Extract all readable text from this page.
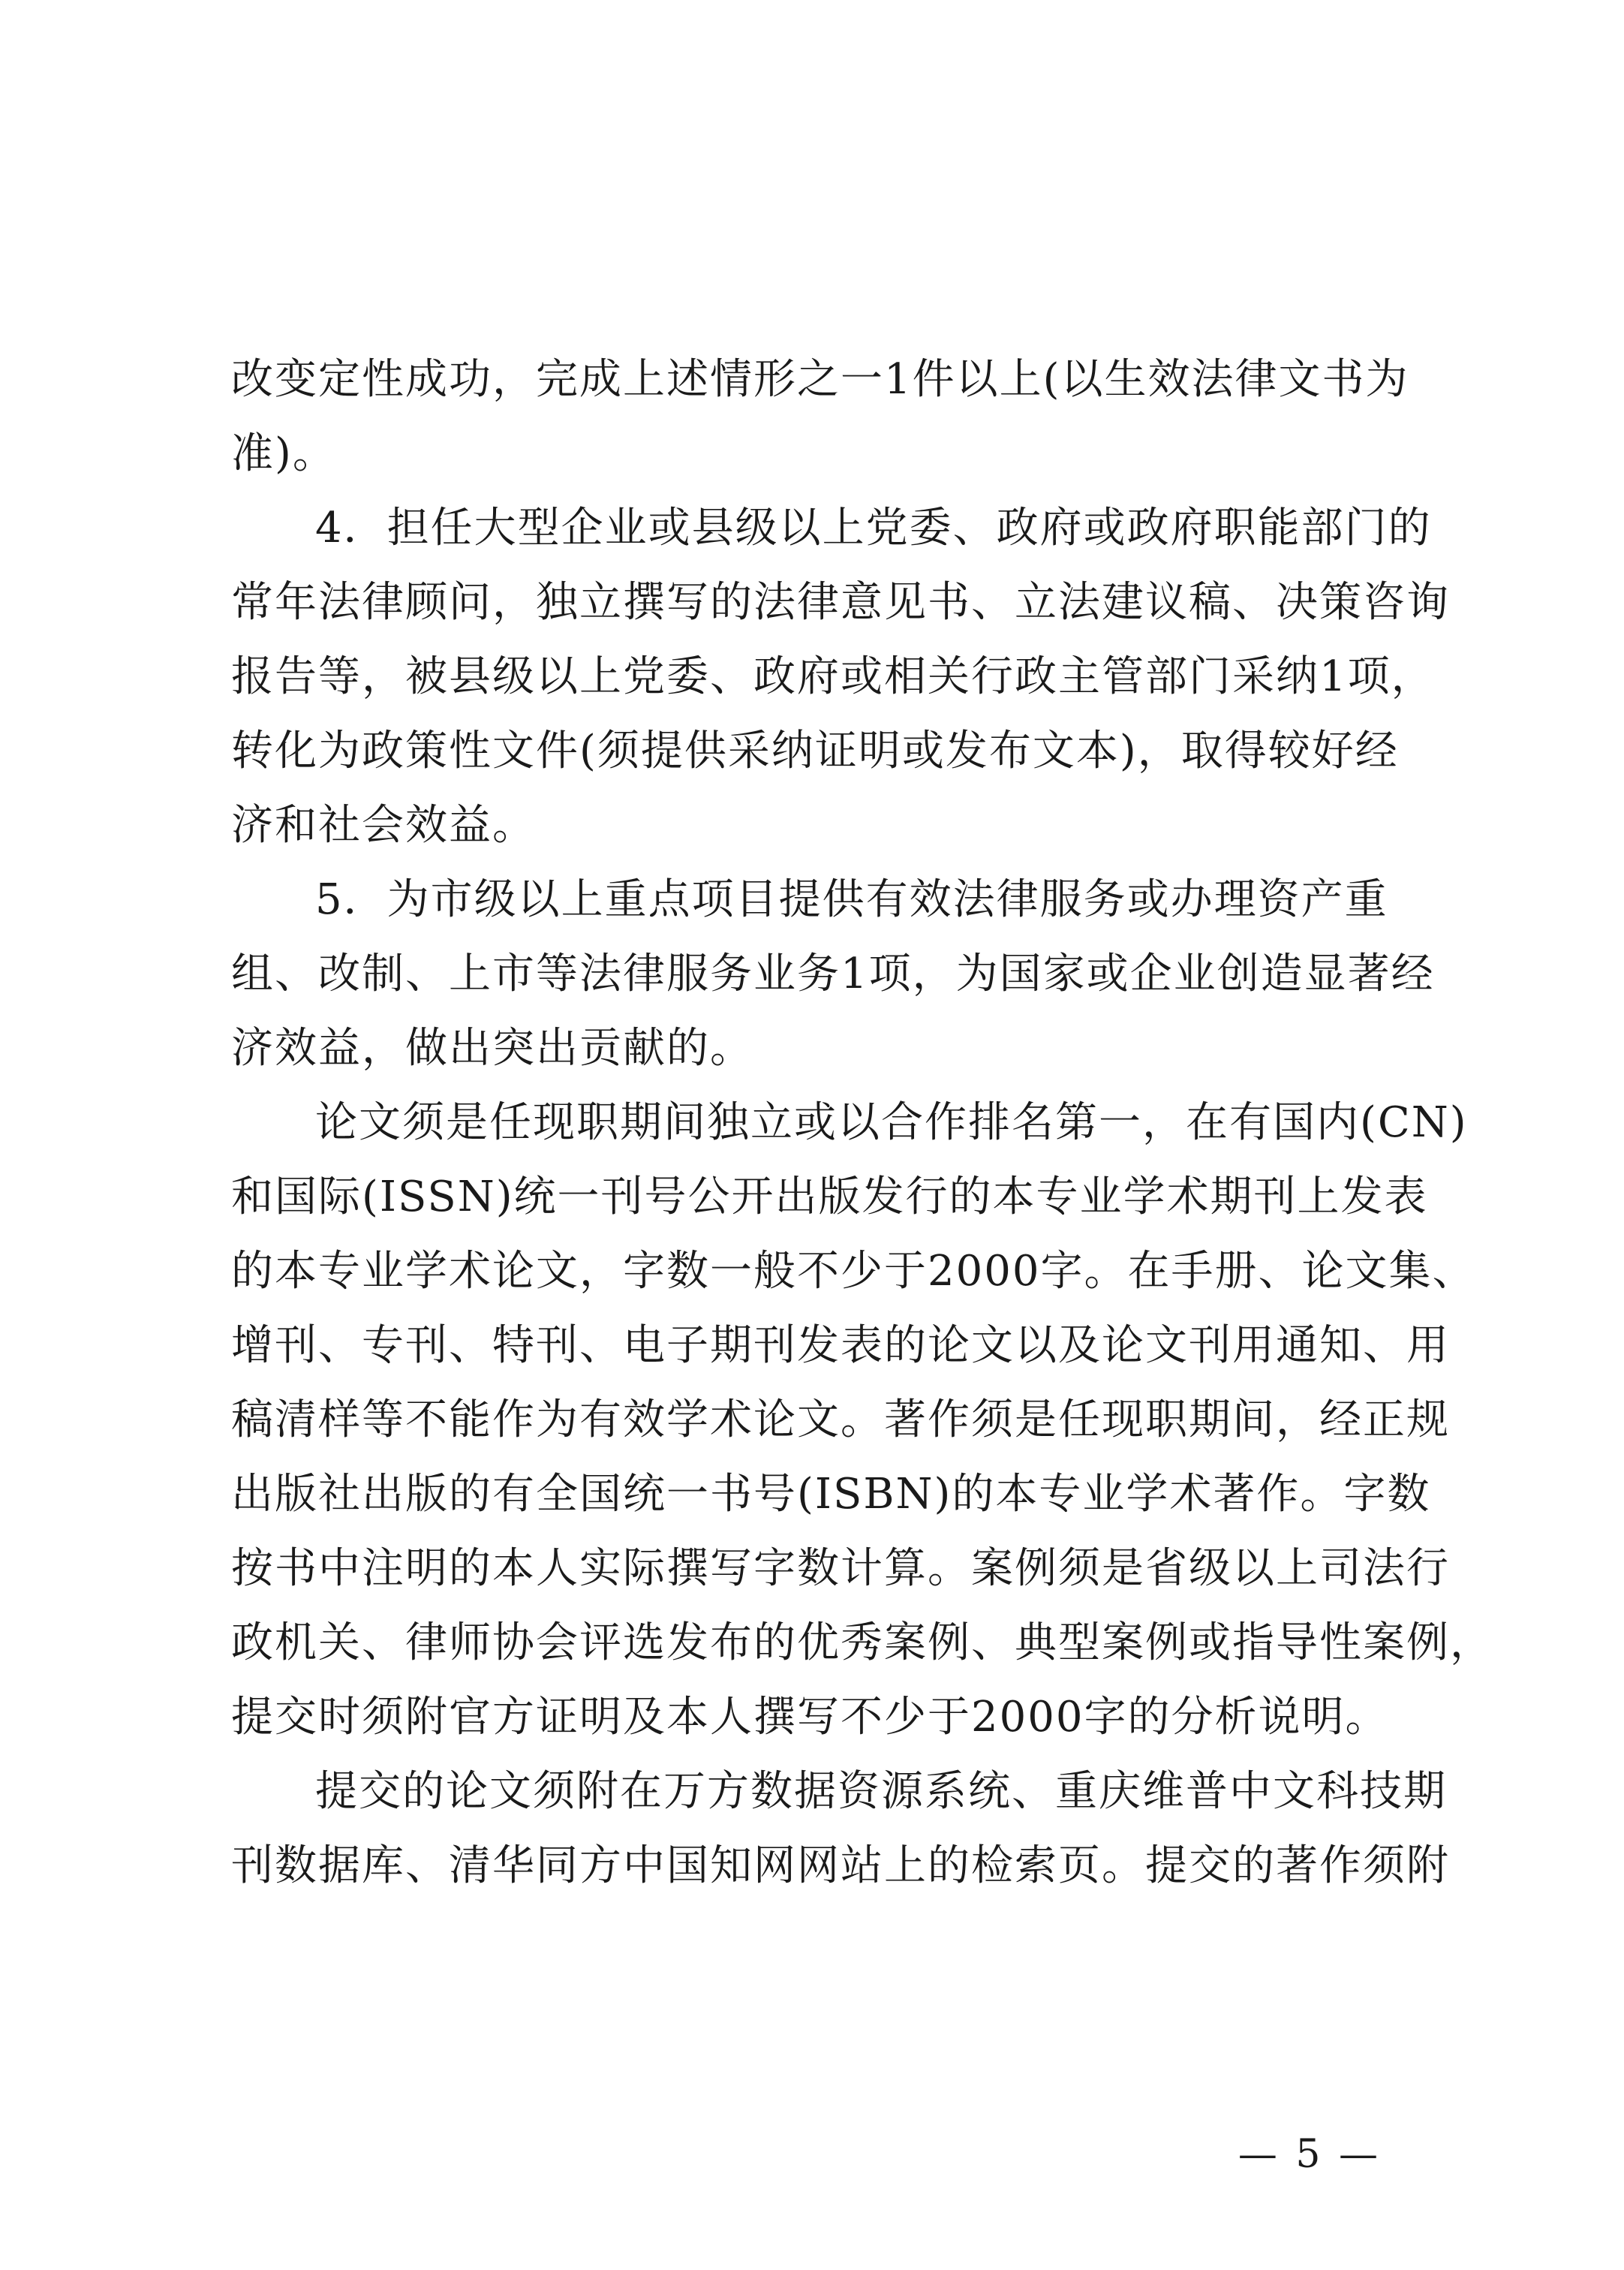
改变定性成功，完成上述情形之一1件以上(以生效法律文书为
准)。

4．担任大型企业或县级以上党委、政府或政府职能部门的
常年法律顾问，独立撰写的法律意见书、立法建议稿、决策咨询
报告等，被县级以上党委、政府或相关行政主管部门采纳1项，
转化为政策性文件(须提供采纳证明或发布文本)，取得较好经
济和社会效益。

5．为市级以上重点项目提供有效法律服务或办理资产重
组、改制、上市等法律服务业务1项，为国家或企业创造显著经
济效益，做出突出贡献的。

论文须是任现职期间独立或以合作排名第一，在有国内(CN)
和国际(ISSN)统一刊号公开出版发行的本专业学术期刊上发表
的本专业学术论文，字数一般不少于2000字。在手册、论文集、
增刊、专刊、特刊、电子期刊发表的论文以及论文刊用通知、用
稿清样等不能作为有效学术论文。著作须是任现职期间，经正规
出版社出版的有全国统一书号(ISBN)的本专业学术著作。字数
按书中注明的本人实际撰写字数计算。案例须是省级以上司法行
政机关、律师协会评选发布的优秀案例、典型案例或指导性案例，
提交时须附官方证明及本人撰写不少于2000字的分析说明。

提交的论文须附在万方数据资源系统、重庆维普中文科技期
刊数据库、清华同方中国知网网站上的检索页。提交的著作须附

— 5 —
